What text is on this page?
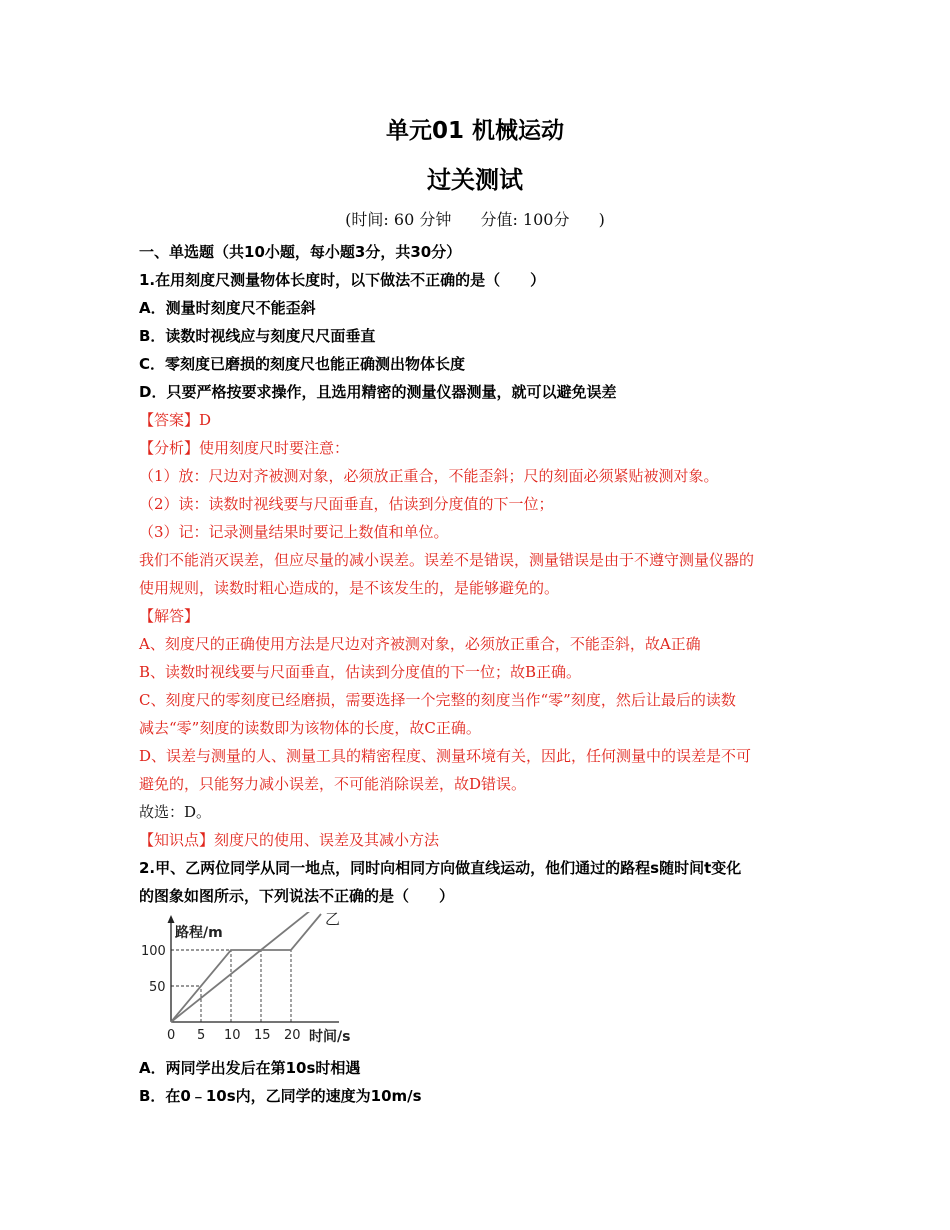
单元01 机械运动
过关测试
(时间: 60 分钟 分值: 100分 )
一、单选题（共10小题，每小题3分，共30分）
1.在用刻度尺测量物体长度时，以下做法不正确的是（　　）
A．测量时刻度尺不能歪斜
B．读数时视线应与刻度尺尺面垂直
C．零刻度已磨损的刻度尺也能正确测出物体长度
D．只要严格按要求操作，且选用精密的测量仪器测量，就可以避免误差
【答案】D
【分析】使用刻度尺时要注意：
（1）放：尺边对齐被测对象，必须放正重合，不能歪斜；尺的刻面必须紧贴被测对象。
（2）读：读数时视线要与尺面垂直，估读到分度值的下一位；
（3）记：记录测量结果时要记上数值和单位。
我们不能消灭误差，但应尽量的减小误差。误差不是错误，测量错误是由于不遵守测量仪器的
使用规则，读数时粗心造成的，是不该发生的，是能够避免的。
【解答】
A、刻度尺的正确使用方法是尺边对齐被测对象，必须放正重合，不能歪斜，故A正确
B、读数时视线要与尺面垂直，估读到分度值的下一位；故B正确。
C、刻度尺的零刻度已经磨损，需要选择一个完整的刻度当作“零”刻度，然后让最后的读数
减去“零”刻度的读数即为该物体的长度，故C正确。
D、误差与测量的人、测量工具的精密程度、测量环境有关，因此，任何测量中的误差是不可
避免的，只能努力减小误差，不可能消除误差，故D错误。
故选：D。
【知识点】刻度尺的使用、误差及其减小方法
2.甲、乙两位同学从同一地点，同时向相同方向做直线运动，他们通过的路程s随时间t变化
的图象如图所示，下列说法不正确的是（　　）
乙
0 5 10 15 20
50
100
路程/m
时间/s
A．两同学出发后在第10s时相遇
B．在0﹣10s内，乙同学的速度为10m/s
